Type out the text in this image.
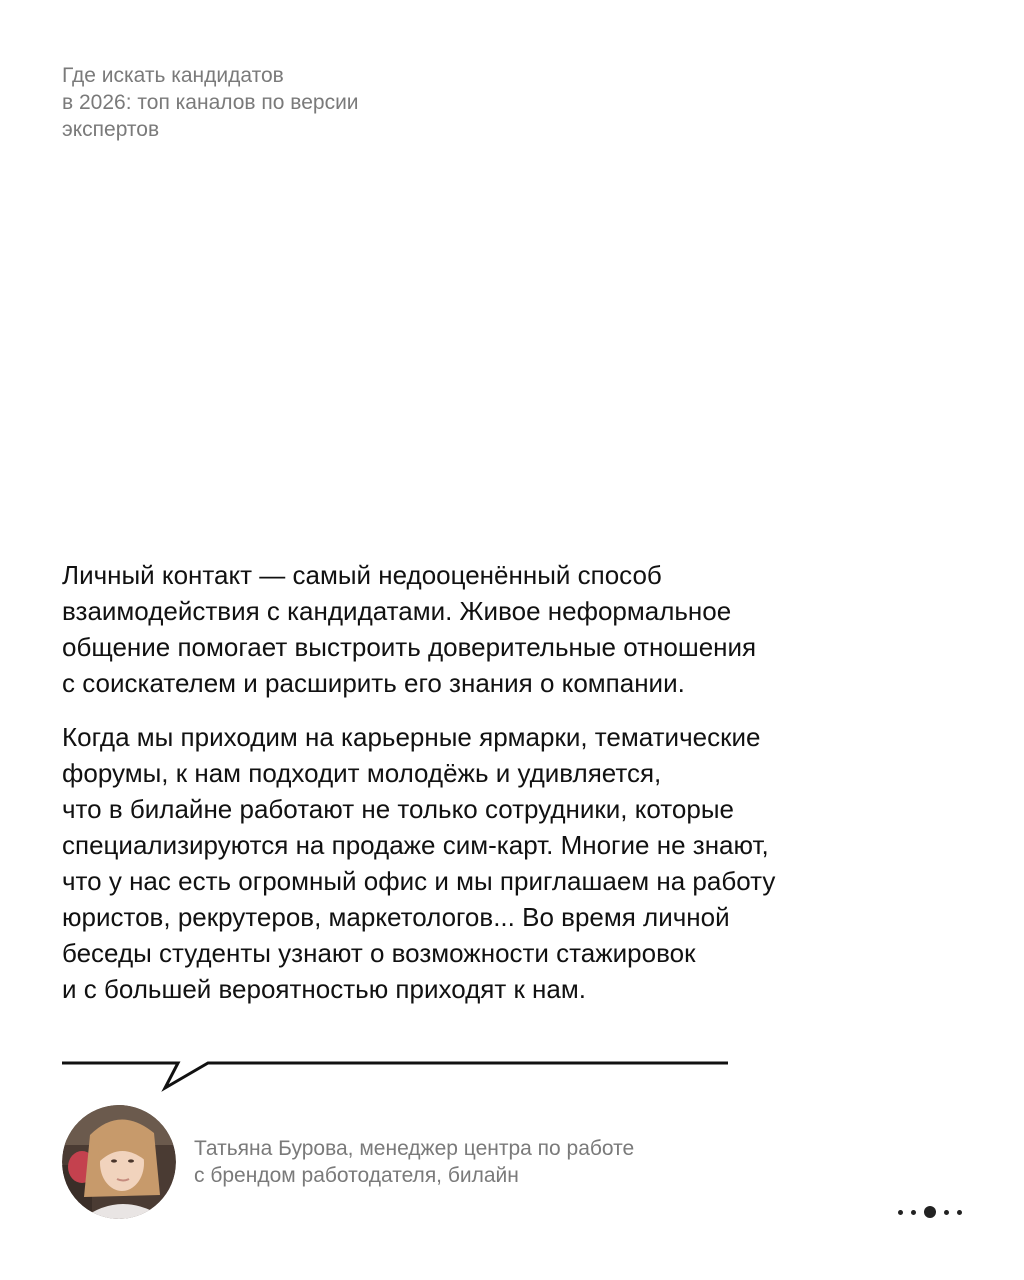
Где искать кандидатов
в 2026: топ каналов по версии
экспертов

Личный контакт — самый недооценённый способ
взаимодействия с кандидатами. Живое неформальное
общение помогает выстроить доверительные отношения
с соискателем и расширить его знания о компании.

Когда мы приходим на карьерные ярмарки, тематические
форумы, к нам подходит молодёжь и удивляется,
что в билайне работают не только сотрудники, которые
специализируются на продаже сим-карт. Многие не знают,
что у нас есть огромный офис и мы приглашаем на работу
юристов, рекрутеров, маркетологов... Во время личной
беседы студенты узнают о возможности стажировок
и с большей вероятностью приходят к нам.

Татьяна Бурова, менеджер центра по работе
с брендом работодателя, билайн
